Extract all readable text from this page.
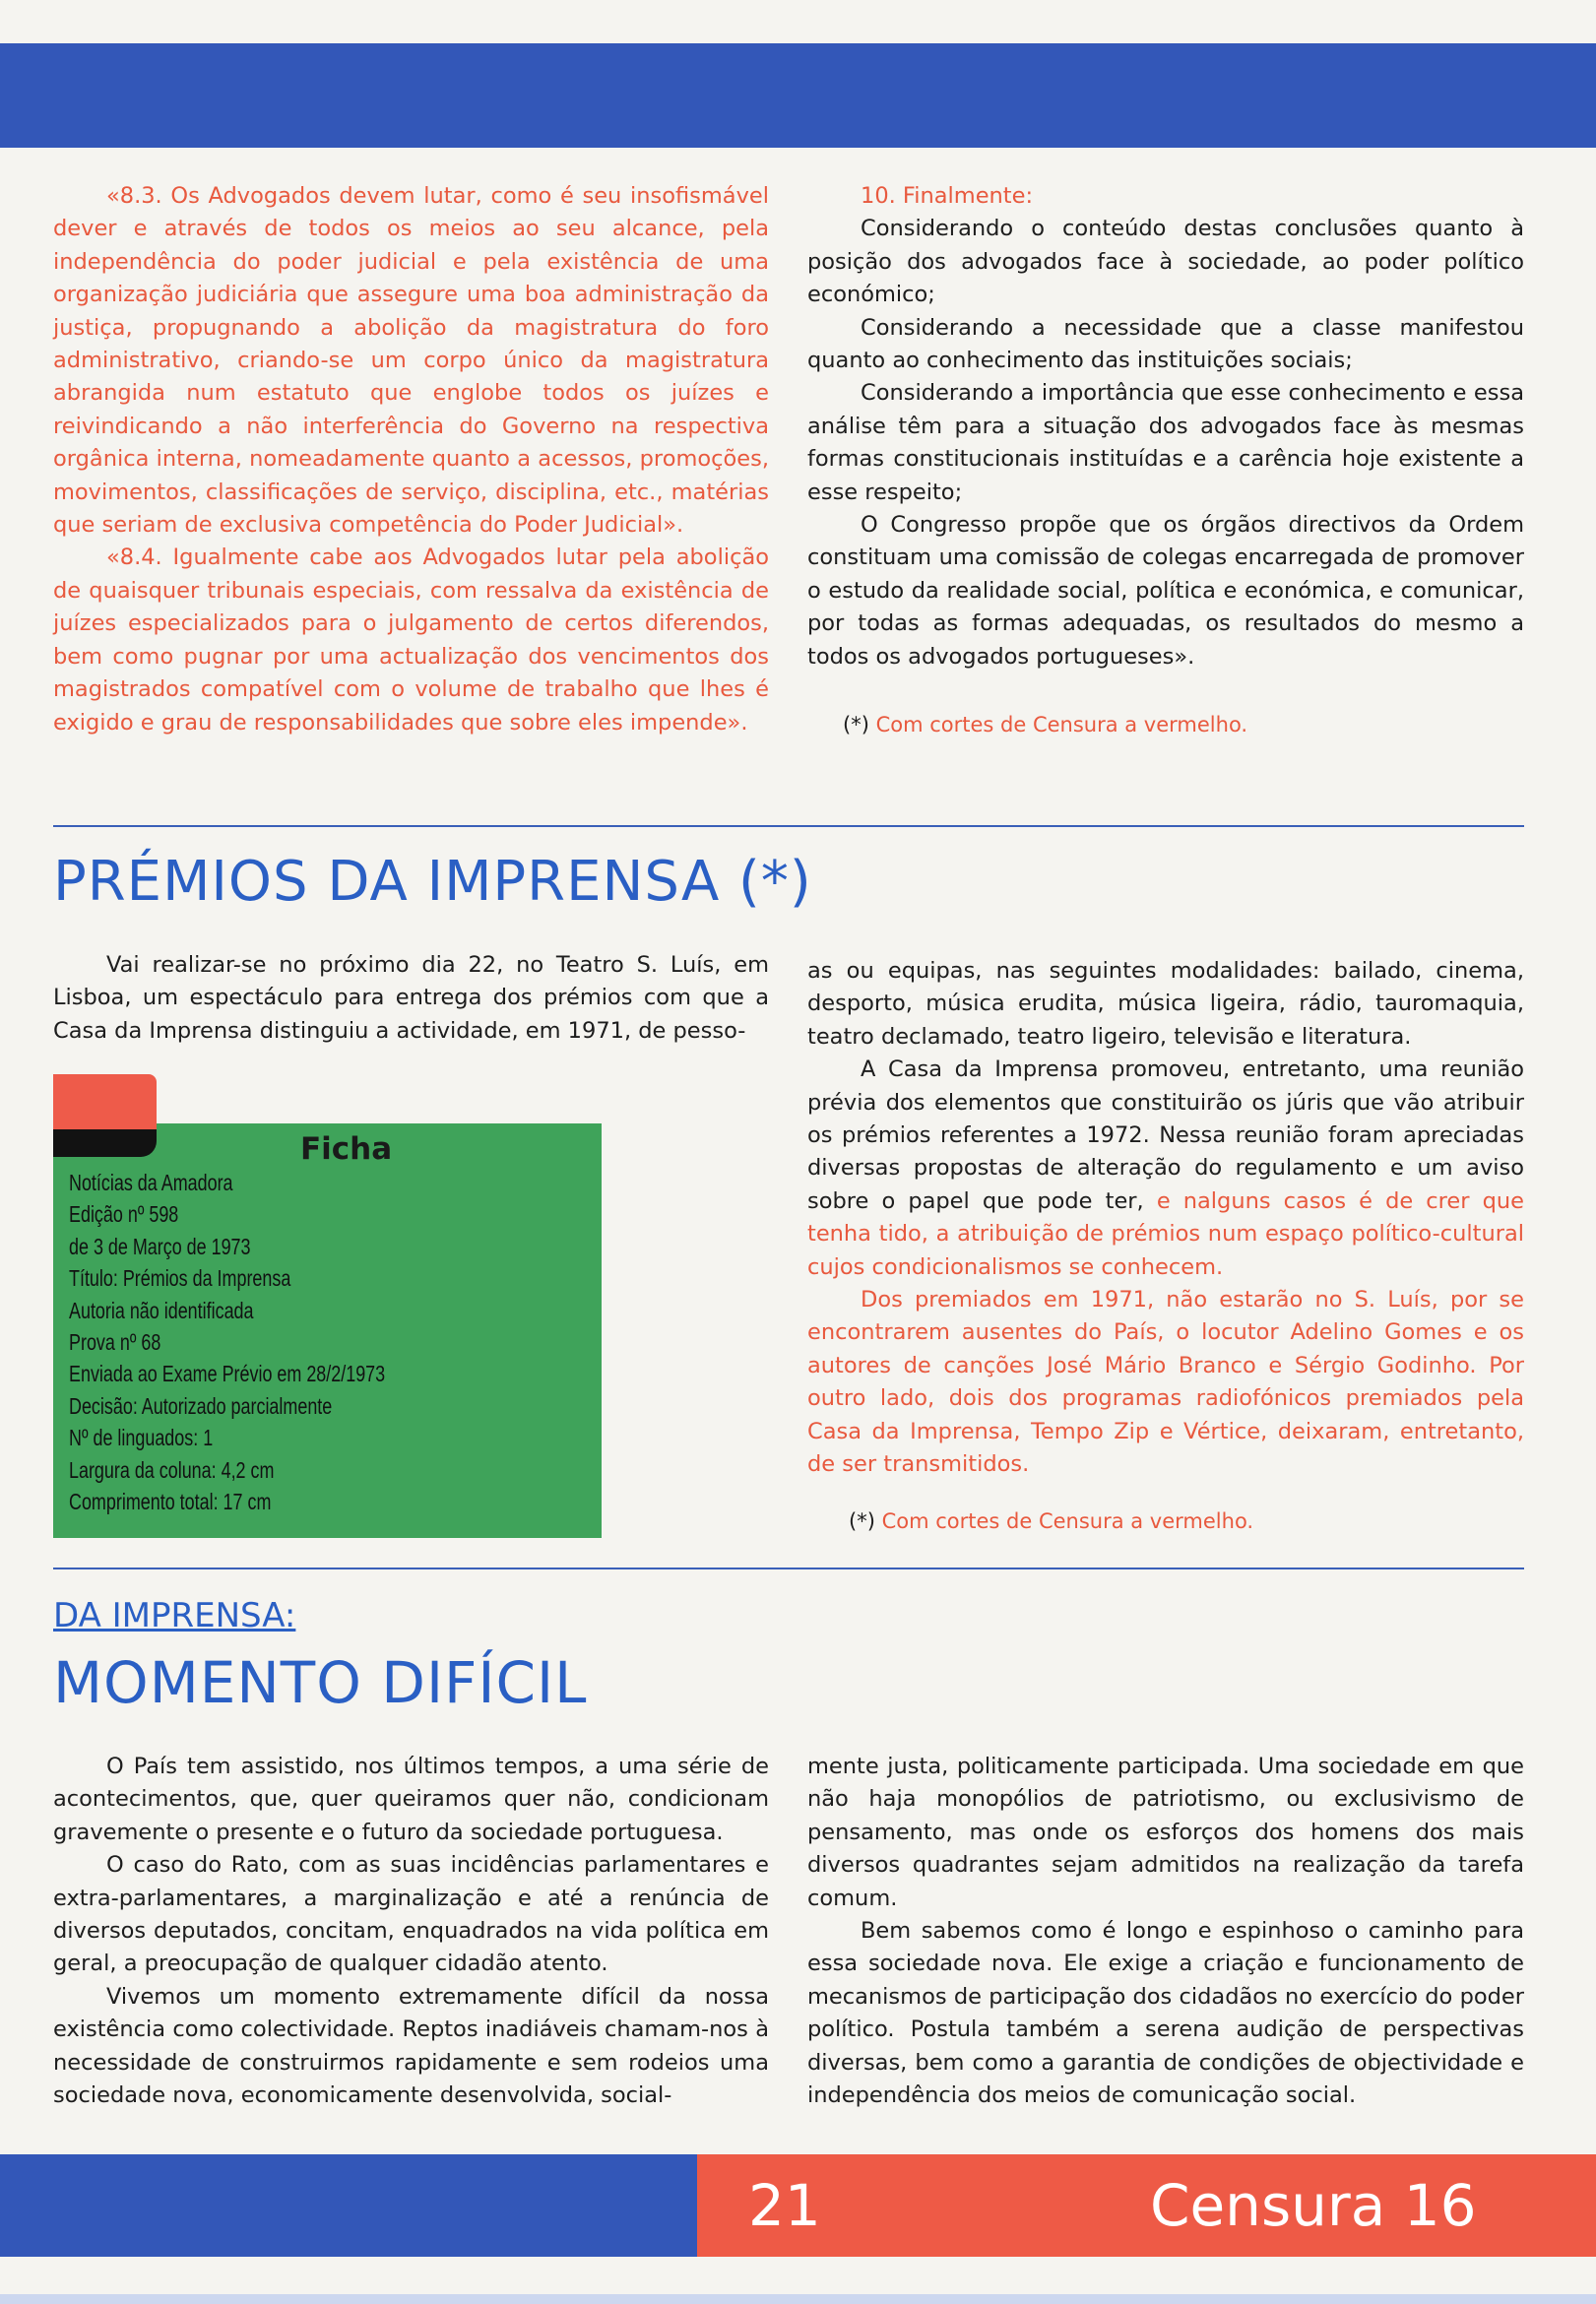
«8.3. Os Advogados devem lutar, como é seu insofismável dever e através de todos os meios ao seu alcance, pela independência do poder judicial e pela existência de uma organização judiciária que assegure uma boa administração da justiça, propugnando a abolição da magistratura do foro administrativo, criando-se um corpo único da magistratura abrangida num estatuto que englobe todos os juízes e reivindicando a não interferência do Governo na respectiva orgânica interna, nomeadamente quanto a acessos, promoções, movimentos, classificações de serviço, disciplina, etc., matérias que seriam de exclusiva competência do Poder Judicial».

«8.4. Igualmente cabe aos Advogados lutar pela abolição de quaisquer tribunais especiais, com ressalva da existência de juízes especializados para o julgamento de certos diferendos, bem como pugnar por uma actualização dos vencimentos dos magistrados compatível com o volume de trabalho que lhes é exigido e grau de responsabilidades que sobre eles impende».

10. Finalmente:

Considerando o conteúdo destas conclusões quanto à posição dos advogados face à sociedade, ao poder político económico;

Considerando a necessidade que a classe manifestou quanto ao conhecimento das instituições sociais;

Considerando a importância que esse conhecimento e essa análise têm para a situação dos advogados face às mesmas formas constitucionais instituídas e a carência hoje existente a esse respeito;

O Congresso propõe que os órgãos directivos da Ordem constituam uma comissão de colegas encarregada de promover o estudo da realidade social, política e económica, e comunicar, por todas as formas adequadas, os resultados do mesmo a todos os advogados portugueses».

(*) Com cortes de Censura a vermelho.
PRÉMIOS DA IMPRENSA (*)

Vai realizar-se no próximo dia 22, no Teatro S. Luís, em Lisboa, um espectáculo para entrega dos prémios com que a Casa da Imprensa distinguiu a actividade, em 1971, de pesso-

Ficha
Notícias da Amadora
Edição nº 598
de 3 de Março de 1973
Título: Prémios da Imprensa
Autoria não identificada
Prova nº 68
Enviada ao Exame Prévio em 28/2/1973
Decisão: Autorizado parcialmente
Nº de linguados: 1
Largura da coluna: 4,2 cm
Comprimento total: 17 cm

as ou equipas, nas seguintes modalidades: bailado, cinema, desporto, música erudita, música ligeira, rádio, tauromaquia, teatro declamado, teatro ligeiro, televisão e literatura.

A Casa da Imprensa promoveu, entretanto, uma reunião prévia dos elementos que constituirão os júris que vão atribuir os prémios referentes a 1972. Nessa reunião foram apreciadas diversas propostas de alteração do regulamento e um aviso sobre o papel que pode ter, e nalguns casos é de crer que tenha tido, a atribuição de prémios num espaço político-cultural cujos condicionalismos se conhecem.

Dos premiados em 1971, não estarão no S. Luís, por se encontrarem ausentes do País, o locutor Adelino Gomes e os autores de canções José Mário Branco e Sérgio Godinho. Por outro lado, dois dos programas radiofónicos premiados pela Casa da Imprensa, Tempo Zip e Vértice, deixaram, entretanto, de ser transmitidos.

(*) Com cortes de Censura a vermelho.
DA IMPRENSA:
MOMENTO DIFÍCIL

O País tem assistido, nos últimos tempos, a uma série de acontecimentos, que, quer queiramos quer não, condicionam gravemente o presente e o futuro da sociedade portuguesa.

O caso do Rato, com as suas incidências parlamentares e extra-parlamentares, a marginalização e até a renúncia de diversos deputados, concitam, enquadrados na vida política em geral, a preocupação de qualquer cidadão atento.

Vivemos um momento extremamente difícil da nossa existência como colectividade. Reptos inadiáveis chamam-nos à necessidade de construirmos rapidamente e sem rodeios uma sociedade nova, economicamente desenvolvida, social-

mente justa, politicamente participada. Uma sociedade em que não haja monopólios de patriotismo, ou exclusivismo de pensamento, mas onde os esforços dos homens dos mais diversos quadrantes sejam admitidos na realização da tarefa comum.

Bem sabemos como é longo e espinhoso o caminho para essa sociedade nova. Ele exige a criação e funcionamento de mecanismos de participação dos cidadãos no exercício do poder político. Postula também a serena audição de perspectivas diversas, bem como a garantia de condições de objectividade e independência dos meios de comunicação social.

21	Censura 16
